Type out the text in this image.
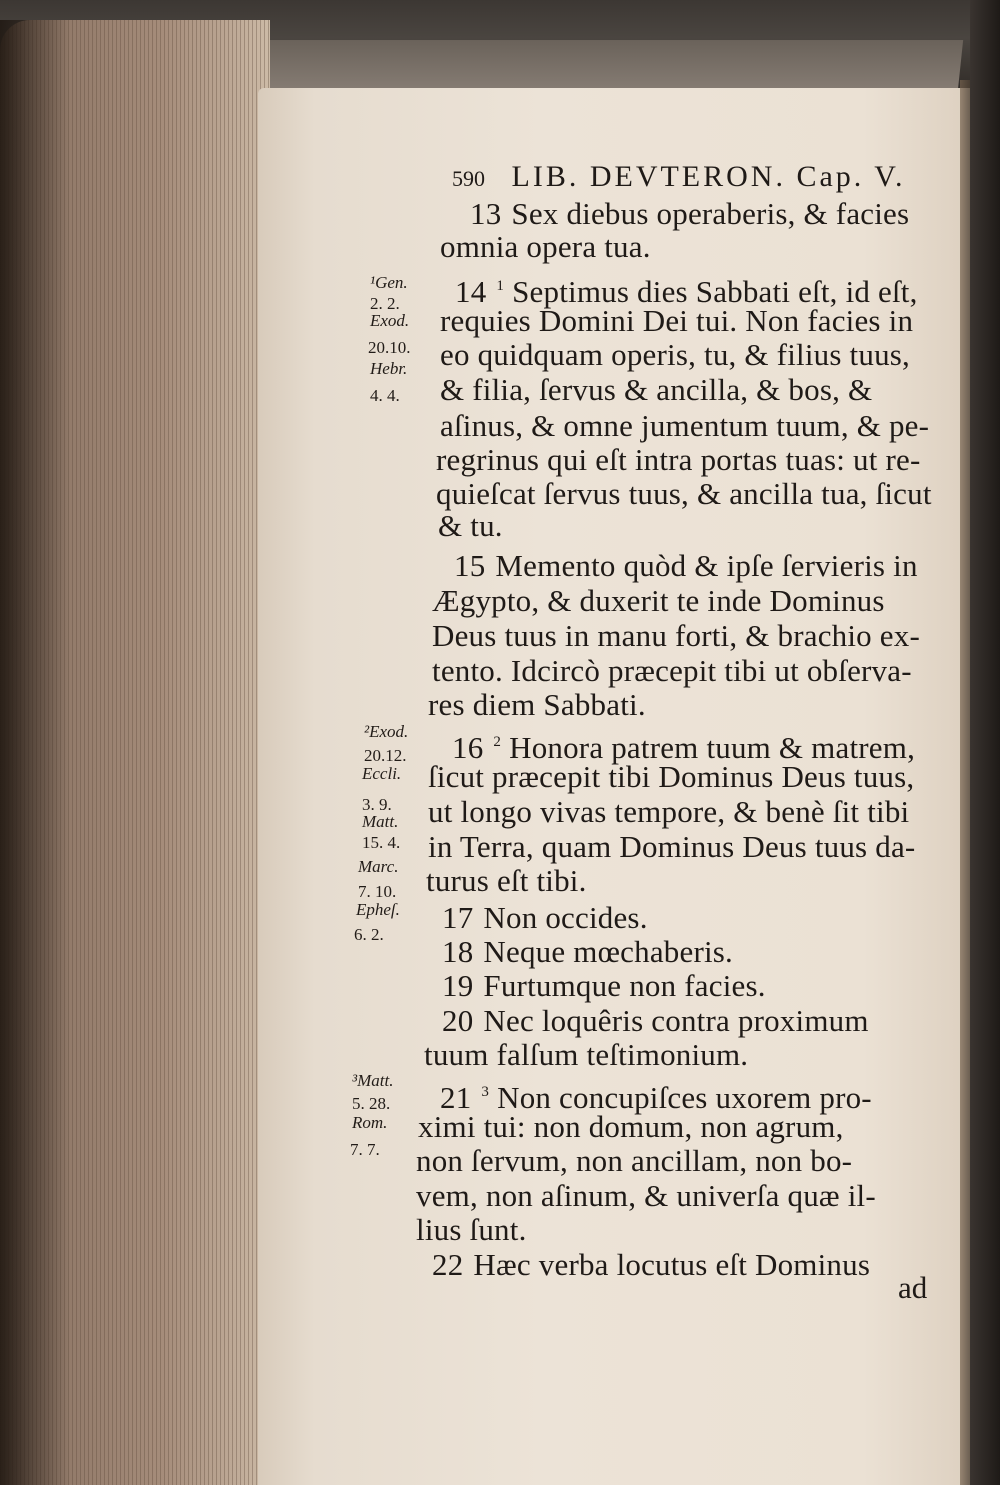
590 LIB. DEVTERON. Cap. V.
13 Sex diebus operaberis, & facies
omnia opera tua.
14 $^1$ Septimus dies Sabbati eſt, id eſt,
requies Domini Dei tui. Non facies in
eo quidquam operis, tu, & filius tuus,
& filia, ſervus & ancilla, & bos, &
aſinus, & omne jumentum tuum, & pe-
regrinus qui eſt intra portas tuas: ut re-
quieſcat ſervus tuus, & ancilla tua, ſicut
& tu.
15 Memento quòd & ipſe ſervieris in
Ægypto, & duxerit te inde Dominus
Deus tuus in manu forti, & brachio ex-
tento. Idcircò præcepit tibi ut obſerva-
res diem Sabbati.
16 $^2$ Honora patrem tuum & matrem,
ſicut præcepit tibi Dominus Deus tuus,
ut longo vivas tempore, & benè ſit tibi
in Terra, quam Dominus Deus tuus da-
turus eſt tibi.
17 Non occides.
18 Neque mœchaberis.
19 Furtumque non facies.
20 Nec loquêris contra proximum
tuum falſum teſtimonium.
21 $^3$ Non concupiſces uxorem pro-
ximi tui: non domum, non agrum,
non ſervum, non ancillam, non bo-
vem, non aſinum, & univerſa quæ il-
lius ſunt.
22 Hæc verba locutus eſt Dominus
ad
¹Gen.
2. 2.
Exod.
20.10.
Hebr.
4. 4.
²Exod.
20.12.
Eccli.
3. 9.
Matt.
15. 4.
Marc.
7. 10.
Epheſ.
6. 2.
³Matt.
5. 28.
Rom.
7. 7.
